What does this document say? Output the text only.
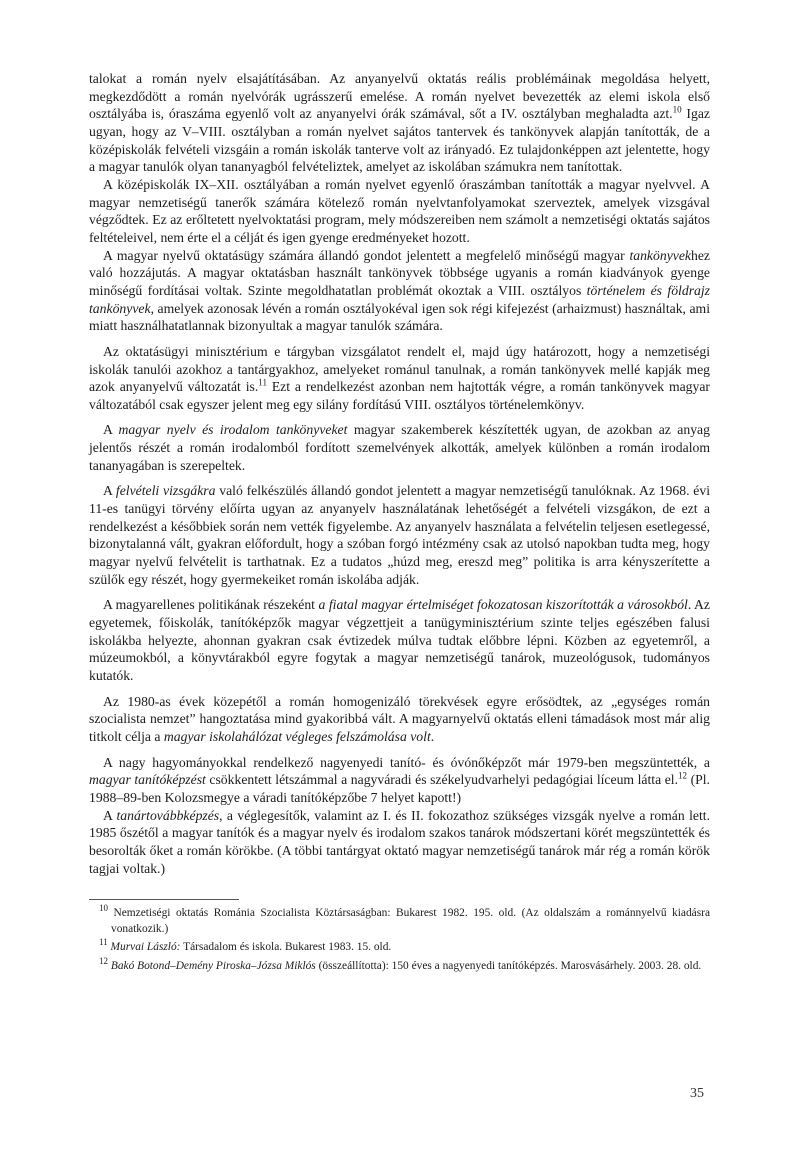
talokat a román nyelv elsajátításában. Az anyanyelvű oktatás reális problémáinak megoldása helyett, megkezdődött a román nyelvórák ugrásszerű emelése. A román nyelvet bevezették az elemi iskola első osztályába is, óraszáma egyenlő volt az anyanyelvi órák számával, sőt a IV. osztályban meghaladta azt.$^{10}$ Igaz ugyan, hogy az V–VIII. osztályban a román nyelvet sajátos tantervek és tankönyvek alapján tanították, de a középiskolák felvételi vizsgáin a román iskolák tanterve volt az irányadó. Ez tulajdonképpen azt jelentette, hogy a magyar tanulók olyan tananyagból felvételiztek, amelyet az iskolában számukra nem tanítottak.

A középiskolák IX–XII. osztályában a román nyelvet egyenlő óraszámban tanították a magyar nyelvvel. A magyar nemzetiségű tanerők számára kötelező román nyelvtanfolyamokat szerveztek, amelyek vizsgával végződtek. Ez az erőltetett nyelvoktatási program, mely módszereiben nem számolt a nemzetiségi oktatás sajátos feltételeivel, nem érte el a célját és igen gyenge eredményeket hozott.

A magyar nyelvű oktatásügy számára állandó gondot jelentett a megfelelő minőségű magyar tankönyvekhez való hozzájutás. A magyar oktatásban használt tankönyvek többsége ugyanis a román kiadványok gyenge minőségű fordításai voltak. Szinte megoldhatatlan problémát okoztak a VIII. osztályos történelem és földrajz tankönyvek, amelyek azonosak lévén a román osztályokéval igen sok régi kifejezést (arhaizmust) használtak, ami miatt használhatatlannak bizonyultak a magyar tanulók számára.

Az oktatásügyi minisztérium e tárgyban vizsgálatot rendelt el, majd úgy határozott, hogy a nemzetiségi iskolák tanulói azokhoz a tantárgyakhoz, amelyeket románul tanulnak, a román tankönyvek mellé kapják meg azok anyanyelvű változatát is.$^{11}$ Ezt a rendelkezést azonban nem hajtották végre, a román tankönyvek magyar változatából csak egyszer jelent meg egy silány fordítású VIII. osztályos történelemkönyv.

A magyar nyelv és irodalom tankönyveket magyar szakemberek készítették ugyan, de azokban az anyag jelentős részét a román irodalomból fordított szemelvények alkották, amelyek különben a román irodalom tananyagában is szerepeltek.

A felvételi vizsgákra való felkészülés állandó gondot jelentett a magyar nemzetiségű tanulóknak. Az 1968. évi 11-es tanügyi törvény előírta ugyan az anyanyelv használatának lehetőségét a felvételi vizsgákon, de ezt a rendelkezést a későbbiek során nem vették figyelembe. Az anyanyelv használata a felvételin teljesen esetlegessé, bizonytalanná vált, gyakran előfordult, hogy a szóban forgó intézmény csak az utolsó napokban tudta meg, hogy magyar nyelvű felvételit is tarthatnak. Ez a tudatos „húzd meg, ereszd meg” politika is arra kényszerítette a szülők egy részét, hogy gyermekeiket román iskolába adják.

A magyarellenes politikának részeként a fiatal magyar értelmiséget fokozatosan kiszorították a városokból. Az egyetemek, főiskolák, tanítóképzők magyar végzettjeit a tanügyminisztérium szinte teljes egészében falusi iskolákba helyezte, ahonnan gyakran csak évtizedek múlva tudtak előbbre lépni. Közben az egyetemről, a múzeumokból, a könyvtárakból egyre fogytak a magyar nemzetiségű tanárok, muzeológusok, tudományos kutatók.

Az 1980-as évek közepétől a román homogenizáló törekvések egyre erősödtek, az „egységes román szocialista nemzet” hangoztatása mind gyakoribbá vált. A magyarnyelvű oktatás elleni támadások most már alig titkolt célja a magyar iskolahálózat végleges felszámolása volt.

A nagy hagyományokkal rendelkező nagyenyedi tanító- és óvónőképzőt már 1979-ben megszüntették, a magyar tanítóképzést csökkentett létszámmal a nagyváradi és székelyudvarhelyi pedagógiai líceum látta el.$^{12}$ (Pl. 1988–89-ben Kolozsmegye a váradi tanítóképzőbe 7 helyet kapott!)

A tanártovábbképzés, a véglegesítők, valamint az I. és II. fokozathoz szükséges vizsgák nyelve a román lett. 1985 őszétől a magyar tanítók és a magyar nyelv és irodalom szakos tanárok módszertani körét megszüntették és besorolták őket a román körökbe. (A többi tantárgyat oktató magyar nemzetiségű tanárok már rég a román körök tagjai voltak.)

$^{10}$ Nemzetiségi oktatás Románia Szocialista Köztársaságban: Bukarest 1982. 195. old. (Az oldalszám a románnyelvű kiadásra vonatkozik.)

$^{11}$ Murvai László: Társadalom és iskola. Bukarest 1983. 15. old.

$^{12}$ Bakó Botond–Demény Piroska–Józsa Miklós (összeállította): 150 éves a nagyenyedi tanítóképzés. Marosvásárhely. 2003. 28. old.

35
